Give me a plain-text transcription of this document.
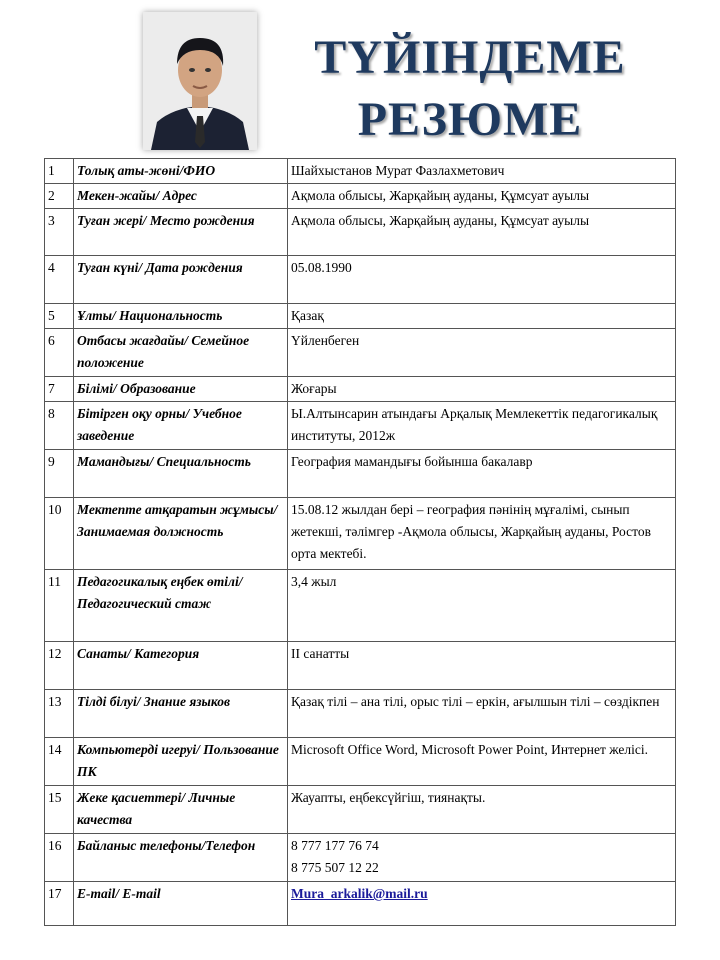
ТҮЙІНДЕМЕ
РЕЗЮМЕ
1	Толық аты-жөні/ФИО	Шайхыстанов Мурат Фазлахметович
2	Мекен-жайы/ Адрес	Ақмола облысы, Жарқайың ауданы, Құмсуат ауылы
3	Туған жері/ Место рождения	Ақмола облысы, Жарқайың ауданы, Құмсуат ауылы
4	Туған күні/ Дата рождения	05.08.1990
5	Ұлты/ Национальность	Қазақ
6	Отбасы жағдайы/ Семейное положение	Үйленбеген
7	Білімі/ Образование	Жоғары
8	Бітірген оқу орны/ Учебное заведение	Ы.Алтынсарин атындағы Арқалық Мемлекеттік педагогикалық институты, 2012ж
9	Мамандығы/ Специальность	География мамандығы бойынша бакалавр
10	Мектепте атқаратын жұмысы/Занимаемая должность	15.08.12 жылдан бері – география пәнінің мұғалімі, сынып жетекші, тәлімгер -Ақмола облысы, Жарқайың ауданы, Ростов орта мектебі.
11	Педагогикалық еңбек өтілі/ Педагогический стаж	3,4 жыл
12	Санаты/ Категория	II санатты
13	Тілді білуі/ Знание языков	Қазақ тілі – ана тілі, орыс тілі – еркін, ағылшын тілі – сөздікпен
14	Компьютерді игеруі/ Пользование ПК	Microsoft Office Word, Microsoft Power Point, Интернет желісі.
15	Жеке қасиеттері/ Личные качества	Жауапты, еңбексүйгіш, тиянақты.
16	Байланыс телефоны/Телефон	8 777 177 76 74
8 775 507 12 22

17	E-mail/ E-mail	Mura_arkalik@mail.ru
